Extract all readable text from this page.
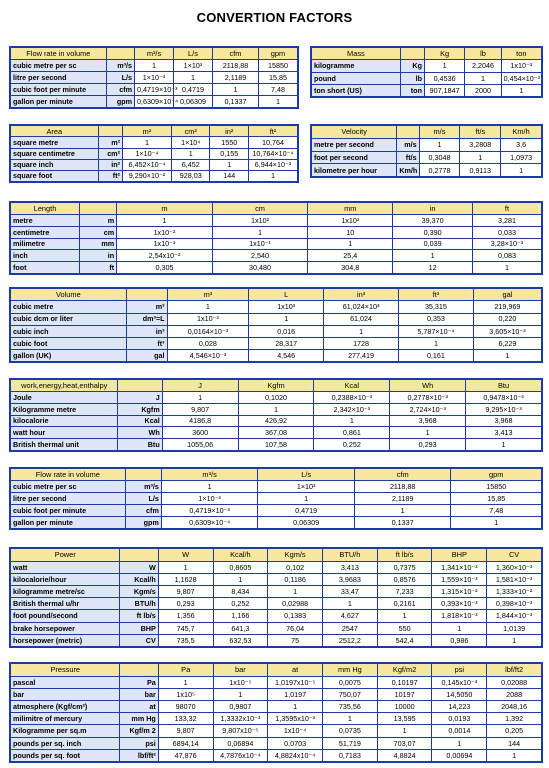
CONVERTION FACTORS
Flow rate in volume		m³/s	L/s	cfm	gpm
cubic metre per sc	m³/s	1	1×10³	2118,88	15850
litre per second	L/s	1×10⁻³	1	2,1189	15,85
cubic foot per minute	cfm	0,4719×10⁻³	0,4719	1	7,48
gallon per minute	gpm	0,6309×10⁻⁴	0,06309	0,1337	1
Mass		Kg	lb	ton
kilogramme	Kg	1	2,2046	1x10⁻³
pound	lb	0,4536	1	0,454×10⁻³
ton short (US)	ton	907,1847	2000	1
Area		m²	cm²	in²	ft²
square metre	m²	1	1×10⁴	1550	10,764
square centimetre	cm²	1×10⁻⁴	1	0,155	10,764×10⁻⁴
square inch	in²	6,452×10⁻⁴	6,452	1	6,944×10⁻³
square foot	ft²	9,290×10⁻²	928,03	144	1
Velocity		m/s	ft/s	Km/h
metre per second	m/s	1	3,2808	3,6
foot per second	ft/s	0,3048	1	1,0973
kilometre per hour	Km/h	0,2778	0,9113	1
Length		m	cm	mm	in	ft
metre	m	1	1x10²	1x10³	39,370	3,281
centimetre	cm	1x10⁻²	1	10	0,390	0,033
milimetre	mm	1x10⁻³	1x10⁻¹	1	0,039	3,28×10⁻³
inch	in	2,54x10⁻²	2,540	25,4	1	0,083
foot	ft	0,305	30,480	304,8	12	1
Volume		m³	L	in³	ft³	gal
cubic metre	m³	1	1x10³	61,024×10³	35,315	219,969
cubic dcm or liter	dm³=L	1x10⁻³	1	61,024	0,353	0,220
cubic inch	in³	0,0164×10⁻³	0,016	1	5,787×10⁻⁴	3,605×10⁻³
cubic foot	ft³	0,028	28,317	1728	1	6,229
gallon (UK)	gal	4,546×10⁻³	4,546	277,419	0,161	1
work,energy,heat,enthalpy		J	Kgfm	Kcal	Wh	Btu
Joule	J	1	0,1020	0,2388×10⁻³	0,2778×10⁻³	0,9478×10⁻³
Kilogramme metre	Kgfm	9,807	1	2,342×10⁻³	2,724×10⁻³	9,295×10⁻³
kilocalorie	Kcal	4186,8	426,92	1	3,968	3,968
watt hour	Wh	3600	367,08	0,861	1	3,413
British thermal unit	Btu	1055,06	107,58	0,252	0,293	1
Flow rate in volume		m³/s	L/s	cfm	gpm
cubic metre per sc	m³/s	1	1×10³	2118,88	15850
litre per second	L/s	1×10⁻³	1	2,1189	15,85
cubic foot per minute	cfm	0,4719×10⁻³	0,4719	1	7,48
gallon per minute	gpm	0,6309×10⁻⁴	0,06309	0,1337	1
Power		W	Kcal/h	Kgm/s	BTU/h	ft lb/s	BHP	CV
watt	W	1	0,8605	0,102	3,413	0,7375	1,341×10⁻³	1,360×10⁻³
kilocalorie/hour	Kcal/h	1,1628	1	0,1186	3,9683	0,8576	1,559×10⁻³	1,581×10⁻³
kilogramme metre/sc	Kgm/s	9,807	8,434	1	33,47	7,233	1,315×10⁻²	1,333×10⁻²
British thermal u/hr	BTU/h	0,293	0,252	0,02988	1	0,2161	0,393×10⁻³	0,398×10⁻³
foot pound/second	ft lb/s	1,356	1,166	0,1383	4,627	1	1,818×10⁻³	1,844×10⁻³
brake horsepower	BHP	745,7	641,3	76,04	2547	550	1	1,0139
horsepower (metric)	CV	735,5	632,53	75	2512,2	542,4	0,986	1
Pressure		Pa	bar	at	mm Hg	Kgf/m2	psi	lbf/ft2
pascal	Pa	1	1x10⁻⁵	1,0197x10⁻⁵	0,0075	0,10197	0,145x10⁻³	0,02088
bar	bar	1x10⁵	1	1,0197	750,07	10197	14,5050	2088
atmosphere (Kgf/cm²)	at	98070	0,9807	1	735,56	10000	14,223	2048,16
milimitre of mercury	mm Hg	133,32	1,3332x10⁻³	1,3595x10⁻³	1	13,595	0,0193	1,392
Kilogramme per sq.m	Kgf/m 2	9,807	9,807x10⁻⁵	1x10⁻⁴	0,0735	1	0,0014	0,205
pounds per sq. inch	psi	6894,14	0,06894	0,0703	51,719	703,07	1	144
pounds per sq. foot	lbf/ft²	47,876	4,7876x10⁻⁴	4,8824x10⁻⁴	0,7183	4,8824	0,00694	1
